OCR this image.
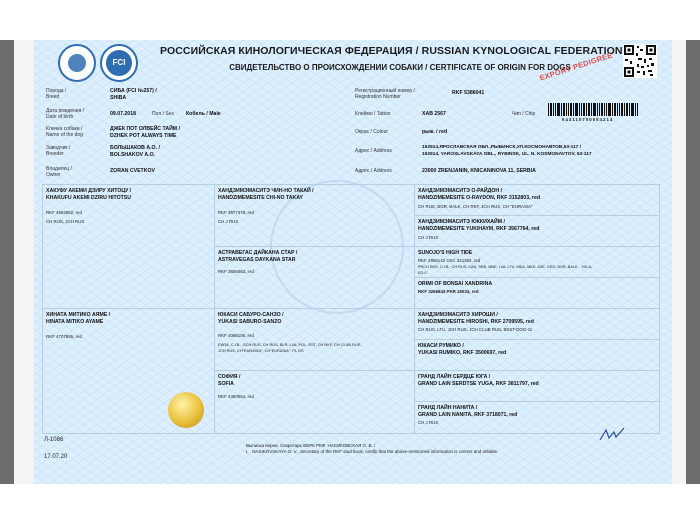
FCI
РОССИЙСКАЯ КИНОЛОГИЧЕСКАЯ ФЕДЕРАЦИЯ / RUSSIAN KYNOLOGICAL FEDERATION
СВИДЕТЕЛЬСТВО О ПРОИСХОЖДЕНИИ СОБАКИ / CERTIFICATE OF ORIGIN FOR DOGS
EXPORT PEDIGREE
Порода /
Breed
СИБА (FCI №257) /
SHIBA
Дата рождения /
Date of birth	09.07.2018	Пол / Sex Кобель / Male
Кличка собаки /
Name of the dog
ДЖЕК ПОТ ОЛВЕЙС ТАЙМ /
DZHEK POT ALWAYS TIME
Заводчик /
Breeder
БОЛЬШАКОВ А.О. /
BOLSHAKOV A.O.
Владелец /
Owner
ZORAN CVETKOV
Регистрационный номер /
Registration Number
RKF 5386041
Клеймо / Tattoo	XAB 2567	Чип / Chip
643110700054214
Окрас / Colour	рыж. / red
Адрес / Address
152914,ЯРОСЛАВСКАЯ ОБЛ.,РЫБИНСК,УЛ.КОСМОНАВТОВ,53-117 /
152914, YAROSLAVSKAYA OBL., RYBINSK, UL. N. KOSMONAVTOV, 53-117
Адрес / Address	23000 ZRENJANIN, KNICANINOVA 11, SERBIA
ХАКУФУ АКЕМИ ДЗИРУ ХИТОЦУ /
KHAKUFU AKEMI DZIRU HITOTSU
RKF 4592852, red
CH RUS, JCH RUS
ХИНАТА МИТИКО АЯМЕ /
HINATA MITIKO AYAME
RKF 4707655, red
ХАНДЗИМЭМАСИТЭ ЧИН-НО ТАКАЙ /
HANDZIMEMESITE CHI-NO TAKAY
RKF 3977378, red
CH J RUS
АСТРАВЕГАС ДАЙКАНА СТАР /
ASTRAVEGAS DAYKANA STAR
RKF 3656063, red
ЮКАСИ САБУРО-САНЗО /
YUKASI SABURO-SANZO
RKF 4066106, red
EW18, C.I.B., GCH RUS, CH RUS, BLR, LVA, POL, EST, CH RKF, CH CLUB RUS,
JCH RUS, CH"EURASIA", CH"EURASIA", PL GS
СОФИЯ /
SOFIA
RKF 4350064, red
ХАНДЗИМЭМАСИТЭ О-РАЙДОН /
HANDZIMEMESITE O-RAYDON, RKF 3152803, red
CH RUS, BGR, BALK, CH RKF, JCH RUS, CH "EURASIA"
ХАНДЗИМЭМАСИТЭ ЮККИХАЙМ /
HANDZIMEMESITE YUKIHAYM, RKF 3567764, red
CH J RUS
SUNOJO'S HIGH TIDE
RKF 2956142 CKC 321384, red
PRCH RUS, C.I.B., CH RUS, CAN, SRB, MNE, LVA, LTU, MDA, MKD, AZE, GEO, BGR, BALK    HD-A,
ED-0
ORIMI OF BONSAI XANDRINA
RKF 3266843 PKR 15033, red
ХАНДЗИМЭМАСИТЭ ХИРОШИ /
HANDZIMEMESITE HIROSHI, RKF 2709595, red
CH RUS, LTU, JCH RUS, JCH CLUB RUS, BEST-DOG-11
ЮКАСИ РУМИКО /
YUKASI RUMIKO, RKF 3500697, red
ГРАНД ЛАЙН СЕРДЦЕ ЮГА /
GRAND LAIN SERDTSE YUGA, RKF 3811797, red
ГРАНД ЛАЙН НАНИТА /
GRAND LAIN NANITA, RKF 3718071, red
CH J RUS
Л-1086
17.07.20
Выписка верна. Секретарь ВЕРК РКФ  НАСИКОВСКАЯ О. В. /
I,   NASIKOVSKAYA O. V., Secretary of the RKF stud book, certify that the above-mentioned information is correct and reliable.
